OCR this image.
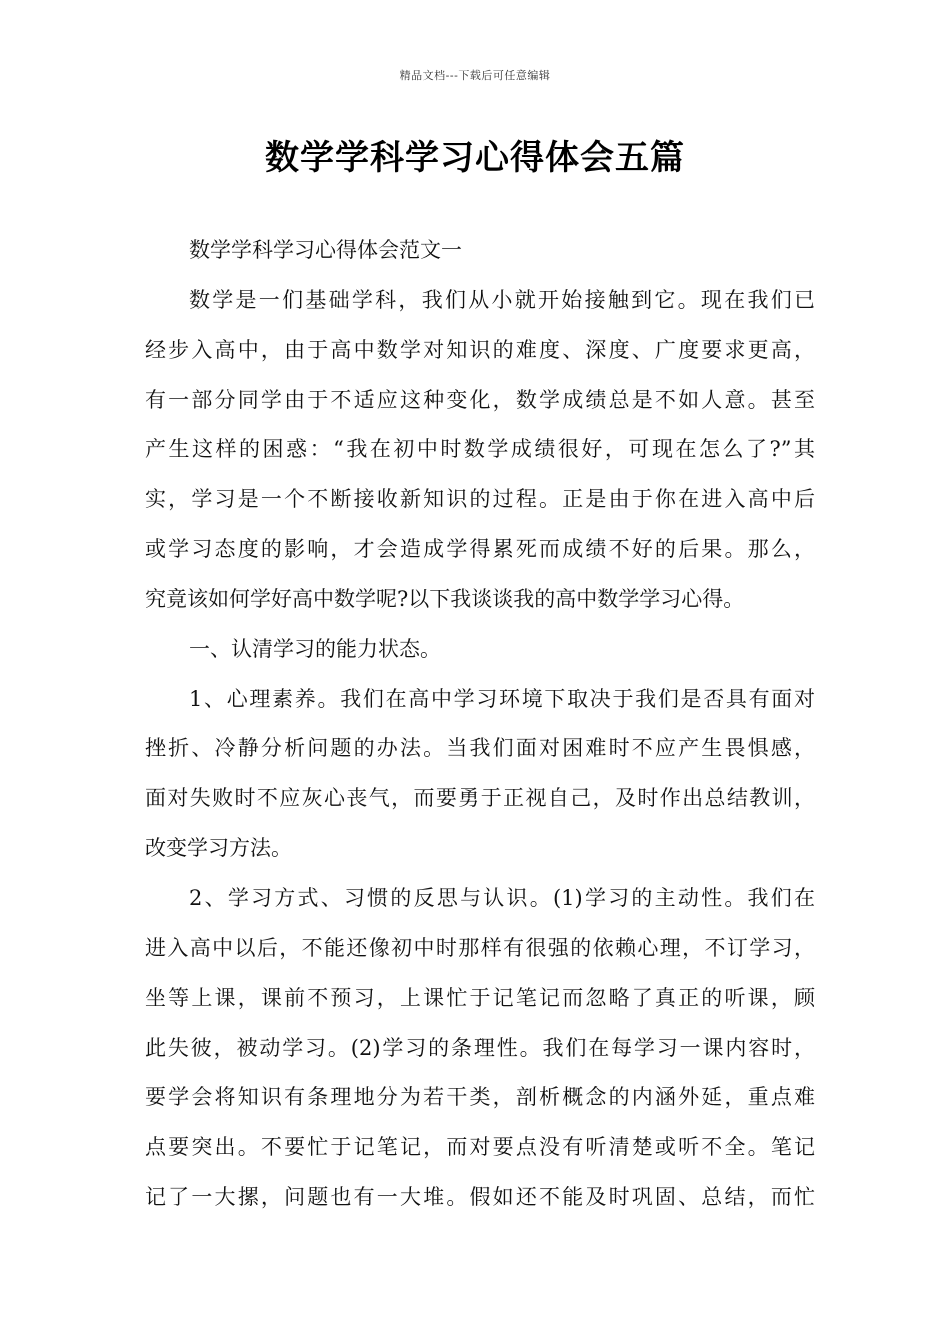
精品文档---下载后可任意编辑
数学学科学习心得体会五篇
数学学科学习心得体会范文一
数学是一们基础学科，我们从小就开始接触到它。现在我们已
经步入高中，由于高中数学对知识的难度、深度、广度要求更高，
有一部分同学由于不适应这种变化，数学成绩总是不如人意。甚至
产生这样的困惑：“我在初中时数学成绩很好，可现在怎么了?”其
实，学习是一个不断接收新知识的过程。正是由于你在进入高中后
或学习态度的影响，才会造成学得累死而成绩不好的后果。那么，
究竟该如何学好高中数学呢?以下我谈谈我的高中数学学习心得。
一、认清学习的能力状态。
1、心理素养。我们在高中学习环境下取决于我们是否具有面对
挫折、冷静分析问题的办法。当我们面对困难时不应产生畏惧感，
面对失败时不应灰心丧气，而要勇于正视自己，及时作出总结教训，
改变学习方法。
2、学习方式、习惯的反思与认识。(1)学习的主动性。我们在
进入高中以后，不能还像初中时那样有很强的依赖心理，不订学习，
坐等上课，课前不预习，上课忙于记笔记而忽略了真正的听课，顾
此失彼，被动学习。(2)学习的条理性。我们在每学习一课内容时，
要学会将知识有条理地分为若干类，剖析概念的内涵外延，重点难
点要突出。不要忙于记笔记，而对要点没有听清楚或听不全。笔记
记了一大摞，问题也有一大堆。假如还不能及时巩固、总结，而忙
